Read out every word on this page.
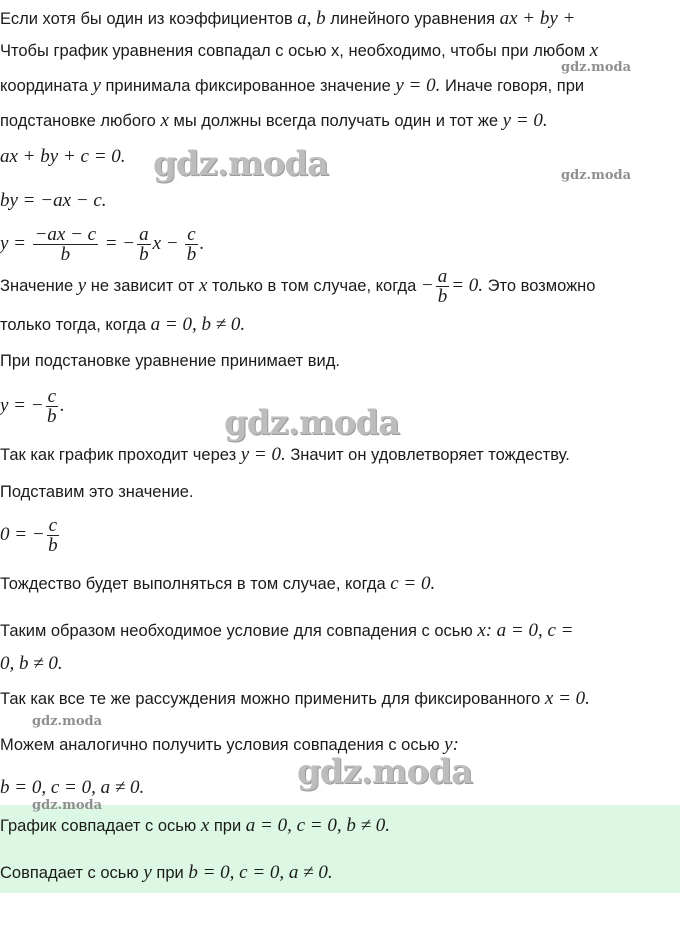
gdz.moda
gdz.moda	gdz.moda
gdz.moda
gdz.moda
gdz.moda
gdz.moda
Если хотя бы один из коэффициентов a, b линейного уравнения ax + by +
Чтобы график уравнения совпадал с осью x, необходимо, чтобы при любом x
координата y принимала фиксированное значение y = 0. Иначе говоря, при
подстановке любого x мы должны всегда получать один и тот же y = 0.
ax + by + c = 0.
by = −ax − c.
$y = \frac{-ax - c}{b}$ = − $\frac{a}{b}$ $x - \frac{c}{b}$ .
Значение y не зависит от x только в том случае, когда − $\frac{a}{b} = 0$. Это возможно
только тогда, когда a = 0, b ≠ 0.
При подстановке уравнение принимает вид.
y = − $\frac{c}{b}$ .
Так как график проходит через y = 0. Значит он удовлетворяет тождеству.
Подставим это значение.
0 = − $\frac{c}{b}$
Тождество будет выполняться в том случае, когда c = 0.
Таким образом необходимое условие для совпадения с осью x: a = 0, c =
0, b ≠ 0.
Так как все те же рассуждения можно применить для фиксированного x = 0.
Можем аналогично получить условия совпадения с осью y:
b = 0, c = 0, a ≠ 0.
График совпадает с осью x при a = 0, c = 0, b ≠ 0.
Совпадает с осью y при b = 0, c = 0, a ≠ 0.
